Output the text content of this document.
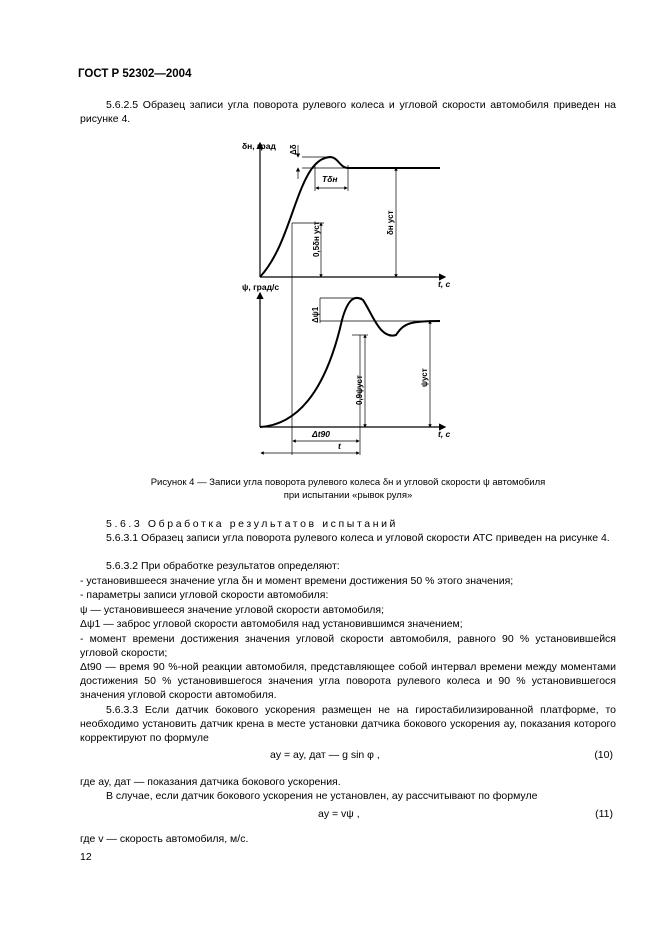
ГОСТ Р 52302—2004
5.6.2.5 Образец записи угла поворота рулевого колеса и угловой скорости автомобиля приведен на рисунке 4.
Δδ
Tδн
0,5δн уст	δн уст
δн, град
t, c
Δψ1
0,9ψуст	ψуст
ψ, град/с
t, c
Δt90
t
Рисунок 4 — Записи угла поворота рулевого колеса δн и угловой скорости ψ автомобиля
при испытании «рывок руля»
5.6.3 Обработка результатов испытаний
5.6.3.1 Образец записи угла поворота рулевого колеса и угловой скорости АТС приведен на рисунке 4.
5.6.3.2 При обработке результатов определяют:
- установившееся значение угла δн и момент времени достижения 50 % этого значения;
- параметры записи угловой скорости автомобиля:
ψ — установившееся значение угловой скорости автомобиля;
Δψ1 — заброс угловой скорости автомобиля над установившимся значением;
- момент времени достижения значения угловой скорости автомобиля, равного 90 % установившейся угловой скорости;
Δt90 — время 90 %-ной реакции автомобиля, представляющее собой интервал времени между моментами достижения 50 % установившегося значения угла поворота рулевого колеса и 90 % установившегося значения угловой скорости автомобиля.
5.6.3.3 Если датчик бокового ускорения размещен не на гиростабилизированной платформе, то необходимо установить датчик крена в месте установки датчика бокового ускорения ay, показания которого корректируют по формуле
ay = ay, дат — g sin φ ,	(10)
где ay, дат — показания датчика бокового ускорения.
В случае, если датчик бокового ускорения не установлен, ay рассчитывают по формуле
ay = vψ ,	(11)
где v — скорость автомобиля, м/с.
12
